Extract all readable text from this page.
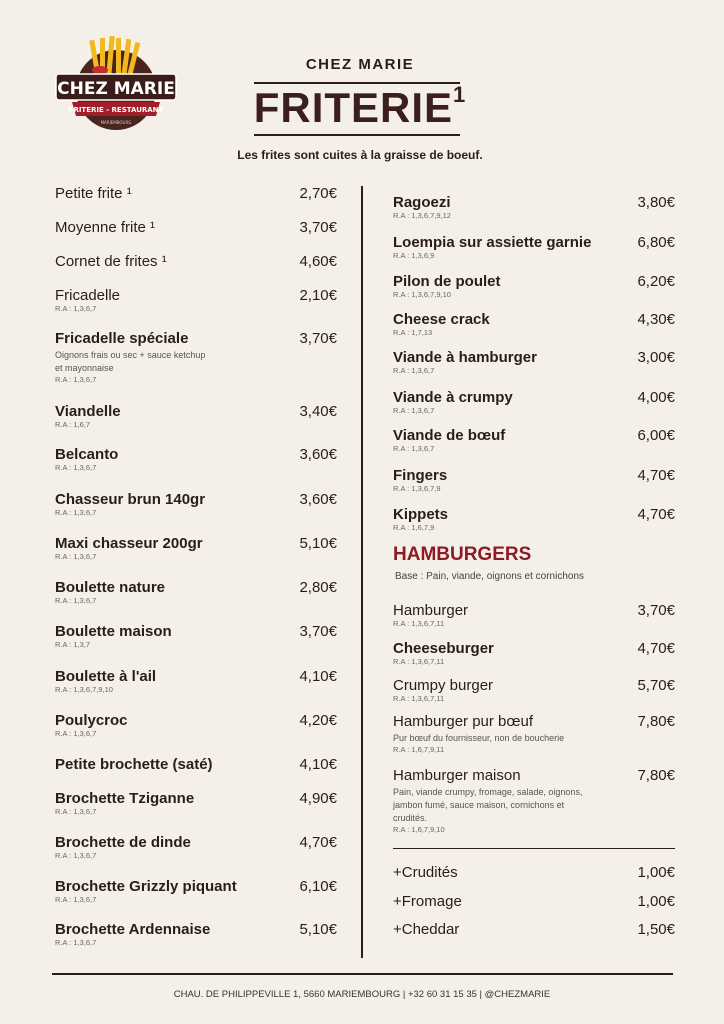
CHEZ MARIE
FRITERIE - RESTAURANT
MARIEMBOURG
CHEZ MARIE
FRITERIE$^1$
Les frites sont cuites à la graisse de boeuf.
Petite frite ¹	2,70€
Moyenne frite ¹	3,70€
Cornet de frites ¹	4,60€
Fricadelle	2,10€
R.A : 1,3,6,7
Fricadelle spéciale	3,70€
Oignons frais ou sec + sauce ketchup et mayonnaise
R.A : 1,3,6,7
Viandelle	3,40€
R.A : 1,6,7
Belcanto	3,60€
R.A : 1,3,6,7
Chasseur brun 140gr	3,60€
R.A : 1,3,6,7
Maxi chasseur 200gr	5,10€
R.A : 1,3,6,7
Boulette nature	2,80€
R.A : 1,3,6,7
Boulette maison	3,70€
R.A : 1,3,7
Boulette à l'ail	4,10€
R.A : 1,3,6,7,9,10
Poulycroc	4,20€
R.A : 1,3,6,7
Petite brochette (saté)	4,10€
Brochette Tziganne	4,90€
R.A : 1,3,6,7
Brochette de dinde	4,70€
R.A : 1,3,6,7
Brochette Grizzly piquant	6,10€
R.A : 1,3,6,7
Brochette Ardennaise	5,10€
R.A : 1,3,6,7
Ragoezi	3,80€
R.A : 1,3,6,7,9,12
Loempia sur assiette garnie	6,80€
R.A : 1,3,6,9
Pilon de poulet	6,20€
R.A : 1,3,6,7,9,10
Cheese crack	4,30€
R.A : 1,7,13
Viande à hamburger	3,00€
R.A : 1,3,6,7
Viande à crumpy	4,00€
R.A : 1,3,6,7
Viande de bœuf	6,00€
R.A : 1,3,6,7
Fingers	4,70€
R.A : 1,3,6,7,9
Kippets	4,70€
R.A : 1,6,7,9
HAMBURGERS
Base : Pain, viande, oignons et cornichons
Hamburger	3,70€
R.A : 1,3,6,7,11
Cheeseburger	4,70€
R.A : 1,3,6,7,11
Crumpy burger	5,70€
R.A : 1,3,6,7,11
Hamburger pur bœuf	7,80€
Pur bœuf du fournisseur, non de boucherie
R.A : 1,6,7,9,11
Hamburger maison	7,80€
Pain, viande crumpy, fromage, salade, oignons, jambon fumé, sauce maison, cornichons et crudités.
R.A : 1,6,7,9,10
+Crudités	1,00€
+Fromage	1,00€
+Cheddar	1,50€
CHAU. DE PHILIPPEVILLE 1, 5660 MARIEMBOURG | +32 60 31 15 35 | @CHEZMARIE
